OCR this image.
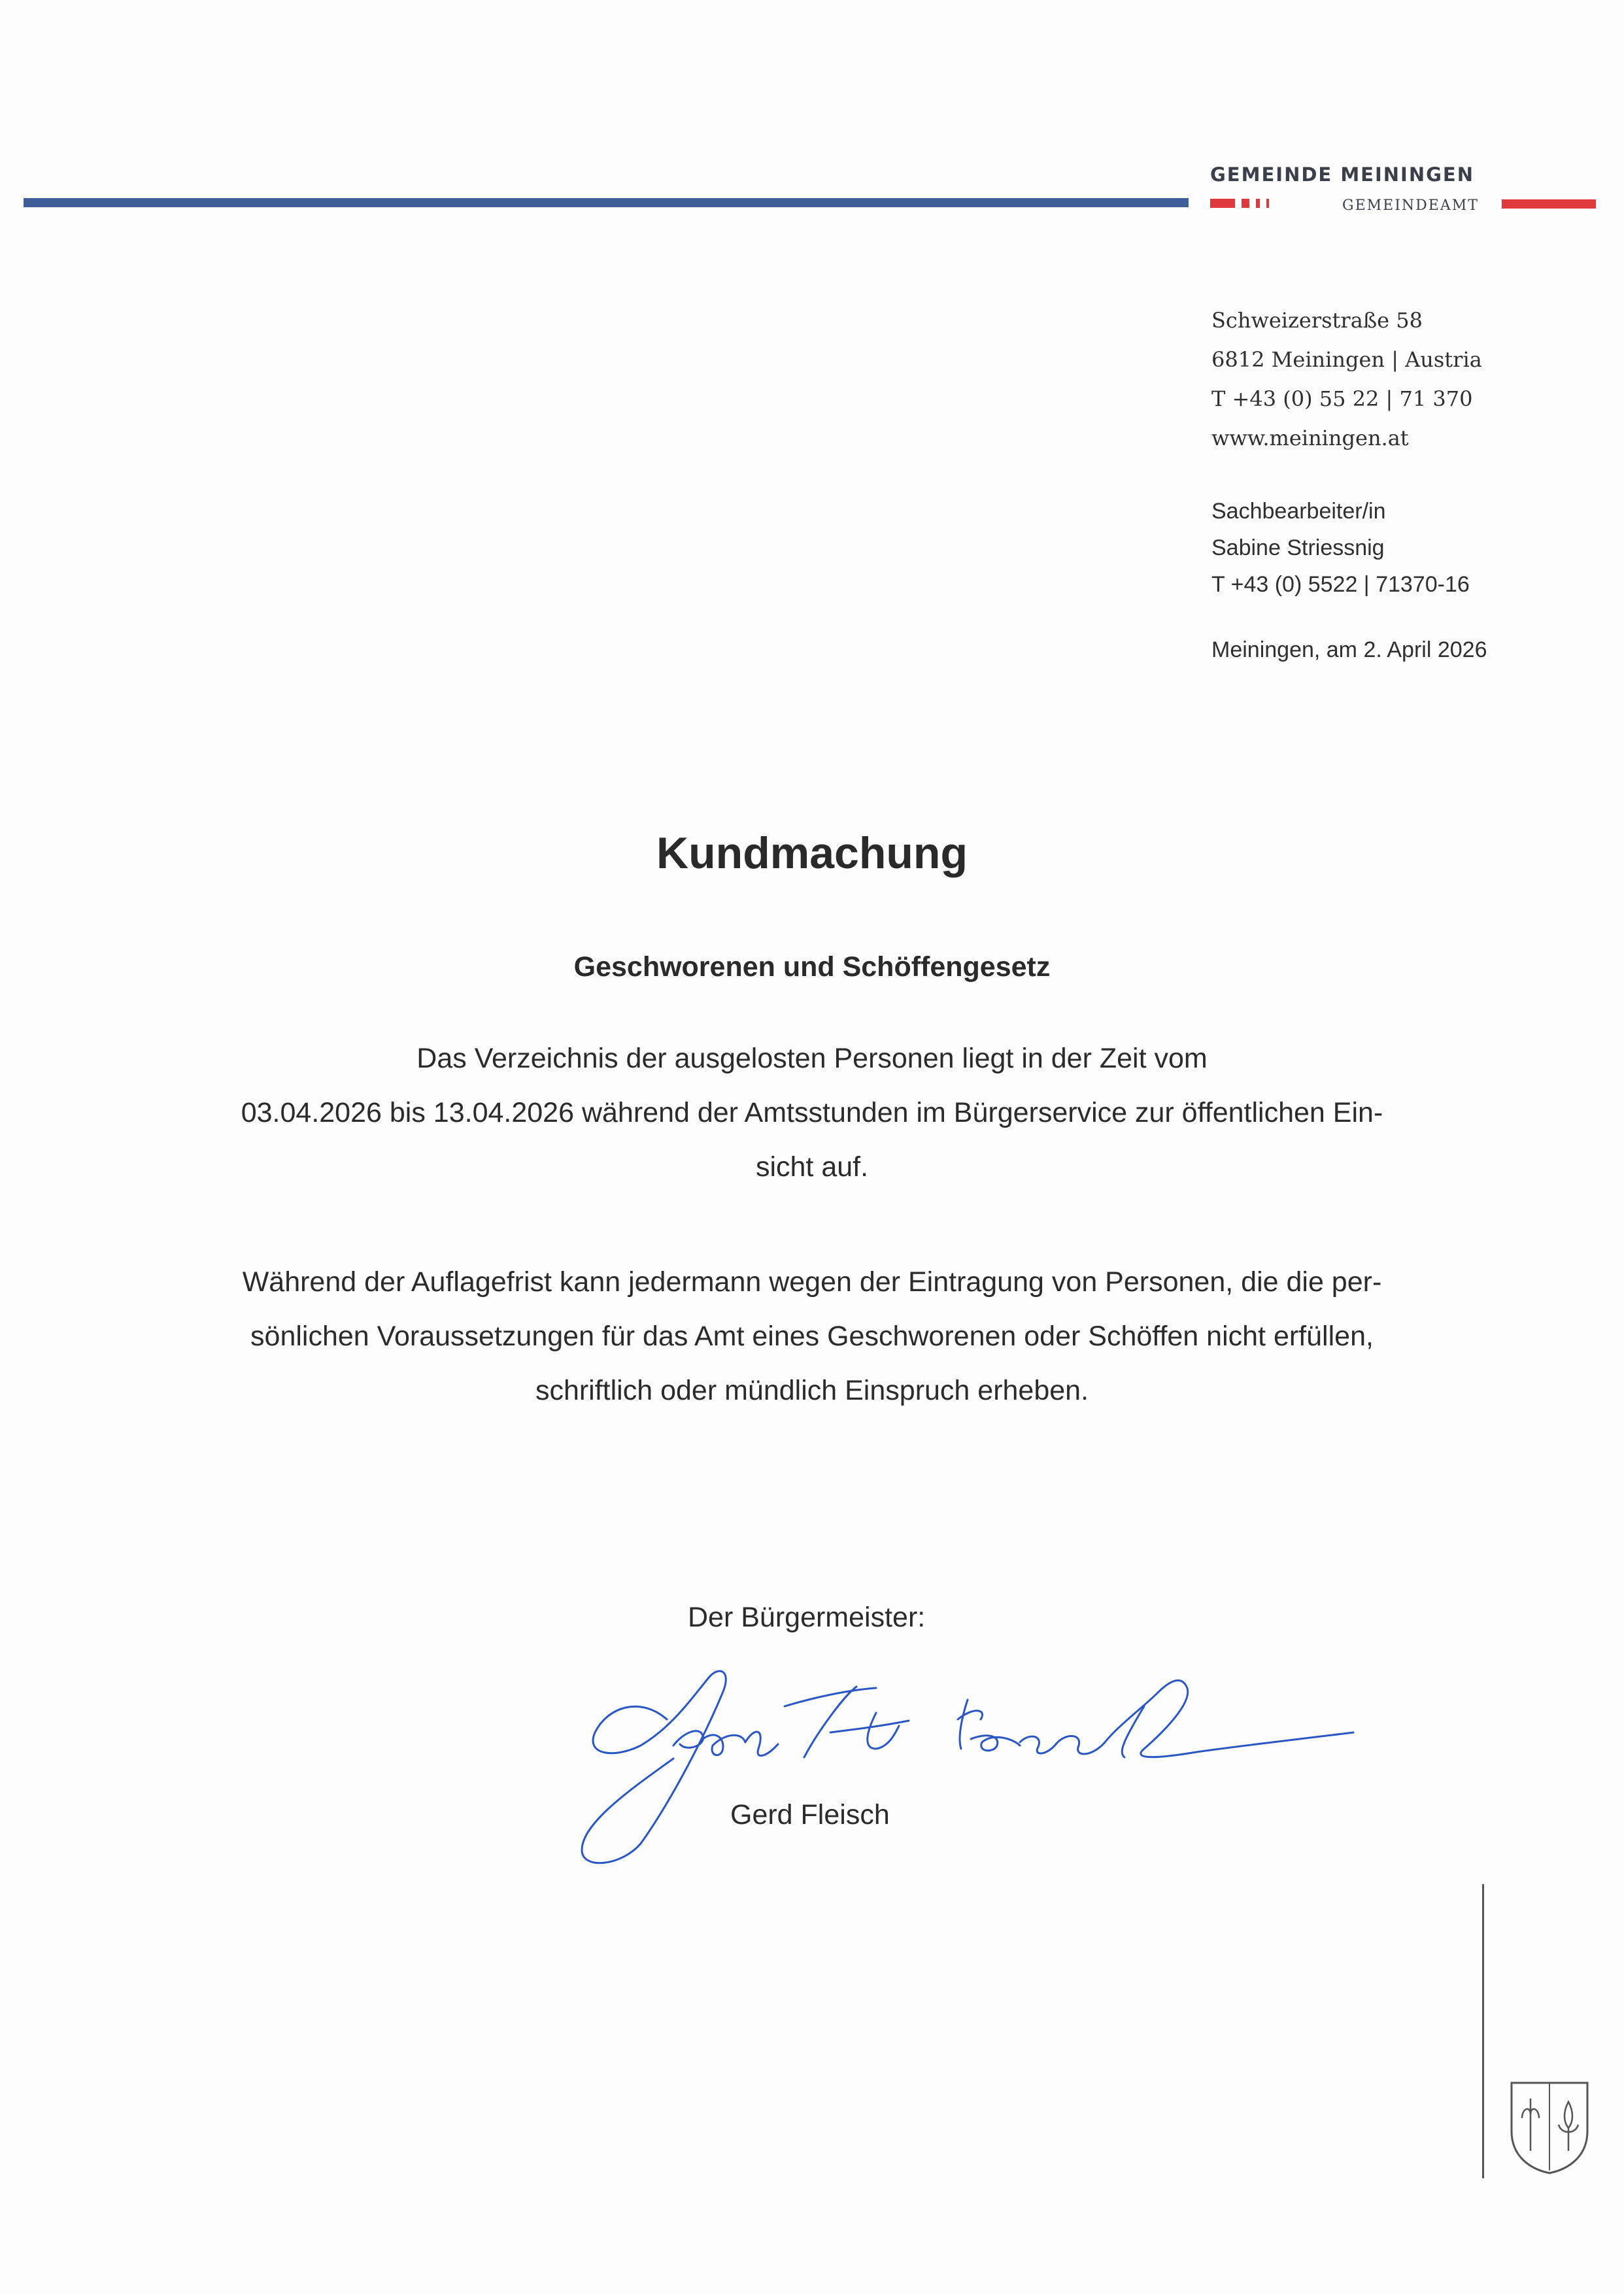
GEMEINDE MEININGEN
GEMEINDEAMT
Schweizerstraße 58
6812 Meiningen | Austria
T +43 (0) 55 22 | 71 370
www.meiningen.at
Sachbearbeiter/in
Sabine Striessnig
T +43 (0) 5522 | 71370-16
Meiningen, am 2. April 2026
Kundmachung
Geschworenen und Schöffengesetz
Das Verzeichnis der ausgelosten Personen liegt in der Zeit vom
03.04.2026 bis 13.04.2026 während der Amtsstunden im Bürgerservice zur öffentlichen Ein-
sicht auf.
Während der Auflagefrist kann jedermann wegen der Eintragung von Personen, die die per-
sönlichen Voraussetzungen für das Amt eines Geschworenen oder Schöffen nicht erfüllen,
schriftlich oder mündlich Einspruch erheben.
Der Bürgermeister:
Gerd Fleisch
